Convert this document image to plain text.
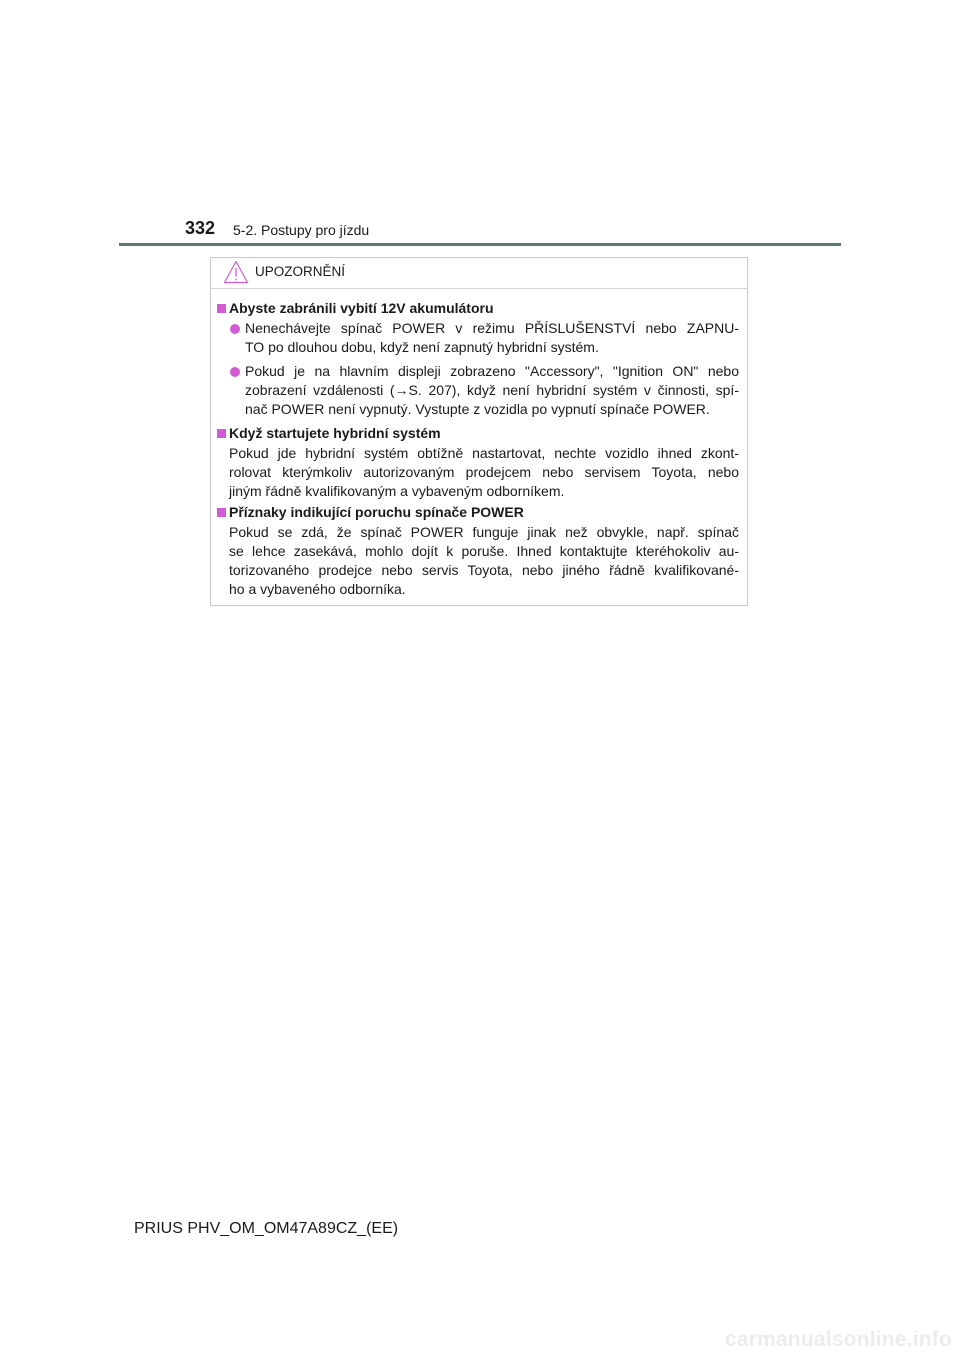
332 5-2. Postupy pro jízdu
UPOZORNĚNÍ
Abyste zabránili vybití 12V akumulátoru
Nenechávejte spínač POWER v režimu PŘÍSLUŠENSTVÍ nebo ZAPNU-
TO po dlouhou dobu, když není zapnutý hybridní systém.
Pokud je na hlavním displeji zobrazeno "Accessory", "Ignition ON" nebo
zobrazení vzdálenosti (→S. 207), když není hybridní systém v činnosti, spí-
nač POWER není vypnutý. Vystupte z vozidla po vypnutí spínače POWER.
Když startujete hybridní systém
Pokud jde hybridní systém obtížně nastartovat, nechte vozidlo ihned zkont-
rolovat kterýmkoliv autorizovaným prodejcem nebo servisem Toyota, nebo
jiným řádně kvalifikovaným a vybaveným odborníkem.
Příznaky indikující poruchu spínače POWER
Pokud se zdá, že spínač POWER funguje jinak než obvykle, např. spínač
se lehce zasekává, mohlo dojít k poruše. Ihned kontaktujte kteréhokoliv au-
torizovaného prodejce nebo servis Toyota, nebo jiného řádně kvalifikované-
ho a vybaveného odborníka.
PRIUS PHV_OM_OM47A89CZ_(EE)
carmanualsonline.info
